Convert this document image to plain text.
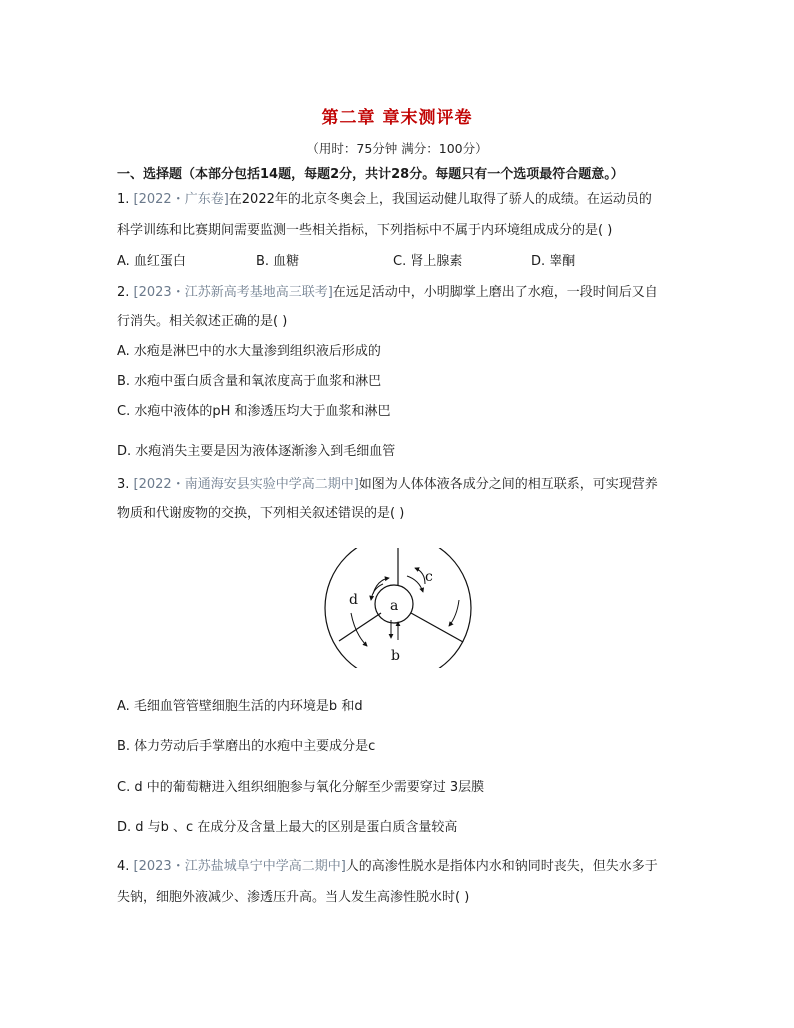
第二章 章末测评卷
（用时：75分钟 满分：100分）
一、选择题（本部分包括14题，每题2分，共计28分。每题只有一个选项最符合题意。）
1. [2022・广东卷]在2022年的北京冬奥会上，我国运动健儿取得了骄人的成绩。在运动员的
科学训练和比赛期间需要监测一些相关指标，下列指标中不属于内环境组成成分的是( )
A. 血红蛋白	B. 血糖	C. 肾上腺素	D. 睾酮
2. [2023・江苏新高考基地高三联考]在远足活动中，小明脚掌上磨出了水疱，一段时间后又自
行消失。相关叙述正确的是( )
A. 水疱是淋巴中的水大量渗到组织液后形成的
B. 水疱中蛋白质含量和氧浓度高于血浆和淋巴
C. 水疱中液体的pH 和渗透压均大于血浆和淋巴
D. 水疱消失主要是因为液体逐渐渗入到毛细血管
3. [2022・南通海安县实验中学高二期中]如图为人体体液各成分之间的相互联系，可实现营养
物质和代谢废物的交换，下列相关叙述错误的是( )
a
b
c
d
A. 毛细血管管壁细胞生活的内环境是b 和d
B. 体力劳动后手掌磨出的水疱中主要成分是c
C. d 中的葡萄糖进入组织细胞参与氧化分解至少需要穿过 3层膜
D. d 与b 、c 在成分及含量上最大的区别是蛋白质含量较高
4. [2023・江苏盐城阜宁中学高二期中]人的高渗性脱水是指体内水和钠同时丧失，但失水多于
失钠，细胞外液减少、渗透压升高。当人发生高渗性脱水时( )
